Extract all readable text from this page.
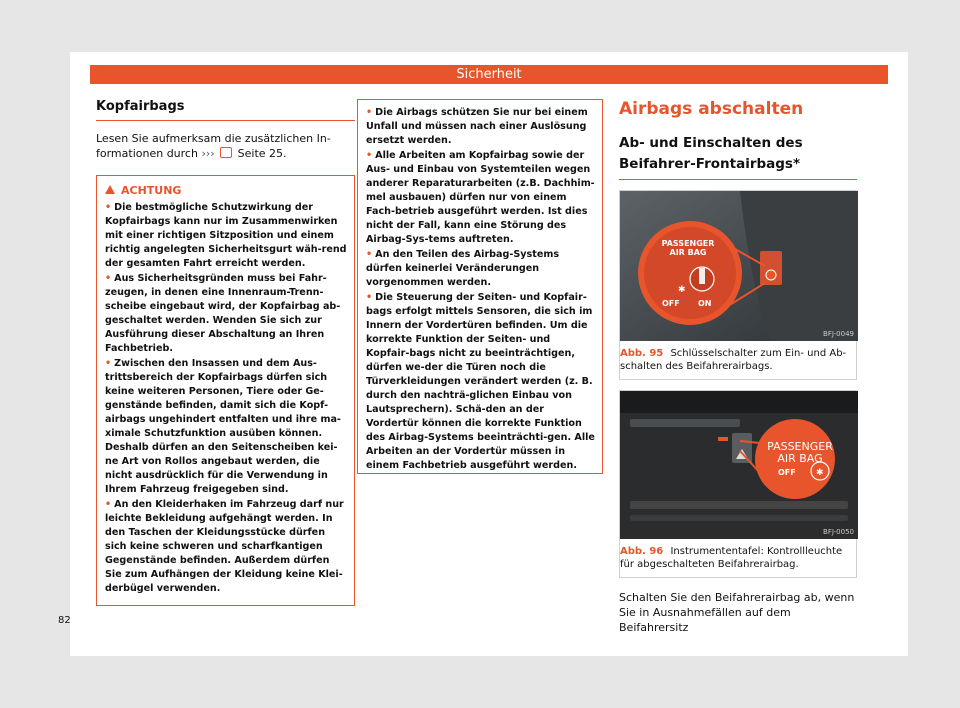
Sicherheit
Kopfairbags
Lesen Sie aufmerksam die zusätzlichen In-formationen durch ››› Seite 25.
ACHTUNG
• Die bestmögliche Schutzwirkung der Kopfairbags kann nur im Zusammenwirken mit einer richtigen Sitzposition und einem richtig angelegten Sicherheitsgurt wäh-rend der gesamten Fahrt erreicht werden.
• Aus Sicherheitsgründen muss bei Fahr-zeugen, in denen eine Innenraum-Trenn-scheibe eingebaut wird, der Kopfairbag ab-geschaltet werden. Wenden Sie sich zur Ausführung dieser Abschaltung an Ihren Fachbetrieb.
• Zwischen den Insassen und dem Aus-trittsbereich der Kopfairbags dürfen sich keine weiteren Personen, Tiere oder Ge-genstände befinden, damit sich die Kopf-airbags ungehindert entfalten und ihre ma-ximale Schutzfunktion ausüben können. Deshalb dürfen an den Seitenscheiben kei-ne Art von Rollos angebaut werden, die nicht ausdrücklich für die Verwendung in Ihrem Fahrzeug freigegeben sind.
• An den Kleiderhaken im Fahrzeug darf nur leichte Bekleidung aufgehängt werden. In den Taschen der Kleidungsstücke dürfen sich keine schweren und scharfkantigen Gegenstände befinden. Außerdem dürfen Sie zum Aufhängen der Kleidung keine Klei-derbügel verwenden.
• Die Airbags schützen Sie nur bei einem Unfall und müssen nach einer Auslösung ersetzt werden.
• Alle Arbeiten am Kopfairbag sowie der Aus- und Einbau von Systemteilen wegen anderer Reparaturarbeiten (z.B. Dachhim-mel ausbauen) dürfen nur von einem Fach-betrieb ausgeführt werden. Ist dies nicht der Fall, kann eine Störung des Airbag-Sys-tems auftreten.
• An den Teilen des Airbag-Systems dürfen keinerlei Veränderungen vorgenommen werden.
• Die Steuerung der Seiten- und Kopfair-bags erfolgt mittels Sensoren, die sich im Innern der Vordertüren befinden. Um die korrekte Funktion der Seiten- und Kopfair-bags nicht zu beeinträchtigen, dürfen we-der die Türen noch die Türverkleidungen verändert werden (z. B. durch den nachträ-glichen Einbau von Lautsprechern). Schä-den an der Vordertür können die korrekte Funktion des Airbag-Systems beeinträchti-gen. Alle Arbeiten an der Vordertür müssen in einem Fachbetrieb ausgeführt werden.
Airbags abschalten
Ab- und Einschalten des Beifahrer-Frontairbags*
✱
PASSENGER
AIR BAG
OFF ON
BFJ-0049
Abb. 95 Schlüsselschalter zum Ein- und Ab-schalten des Beifahrerairbags.
✱
PASSENGER
AIR BAG
OFF
BFJ-0050
Abb. 96 Instrumententafel: Kontrollleuchte für abgeschalteten Beifahrerairbag.
Schalten Sie den Beifahrerairbag ab, wenn Sie in Ausnahmefällen auf dem Beifahrersitz
82
